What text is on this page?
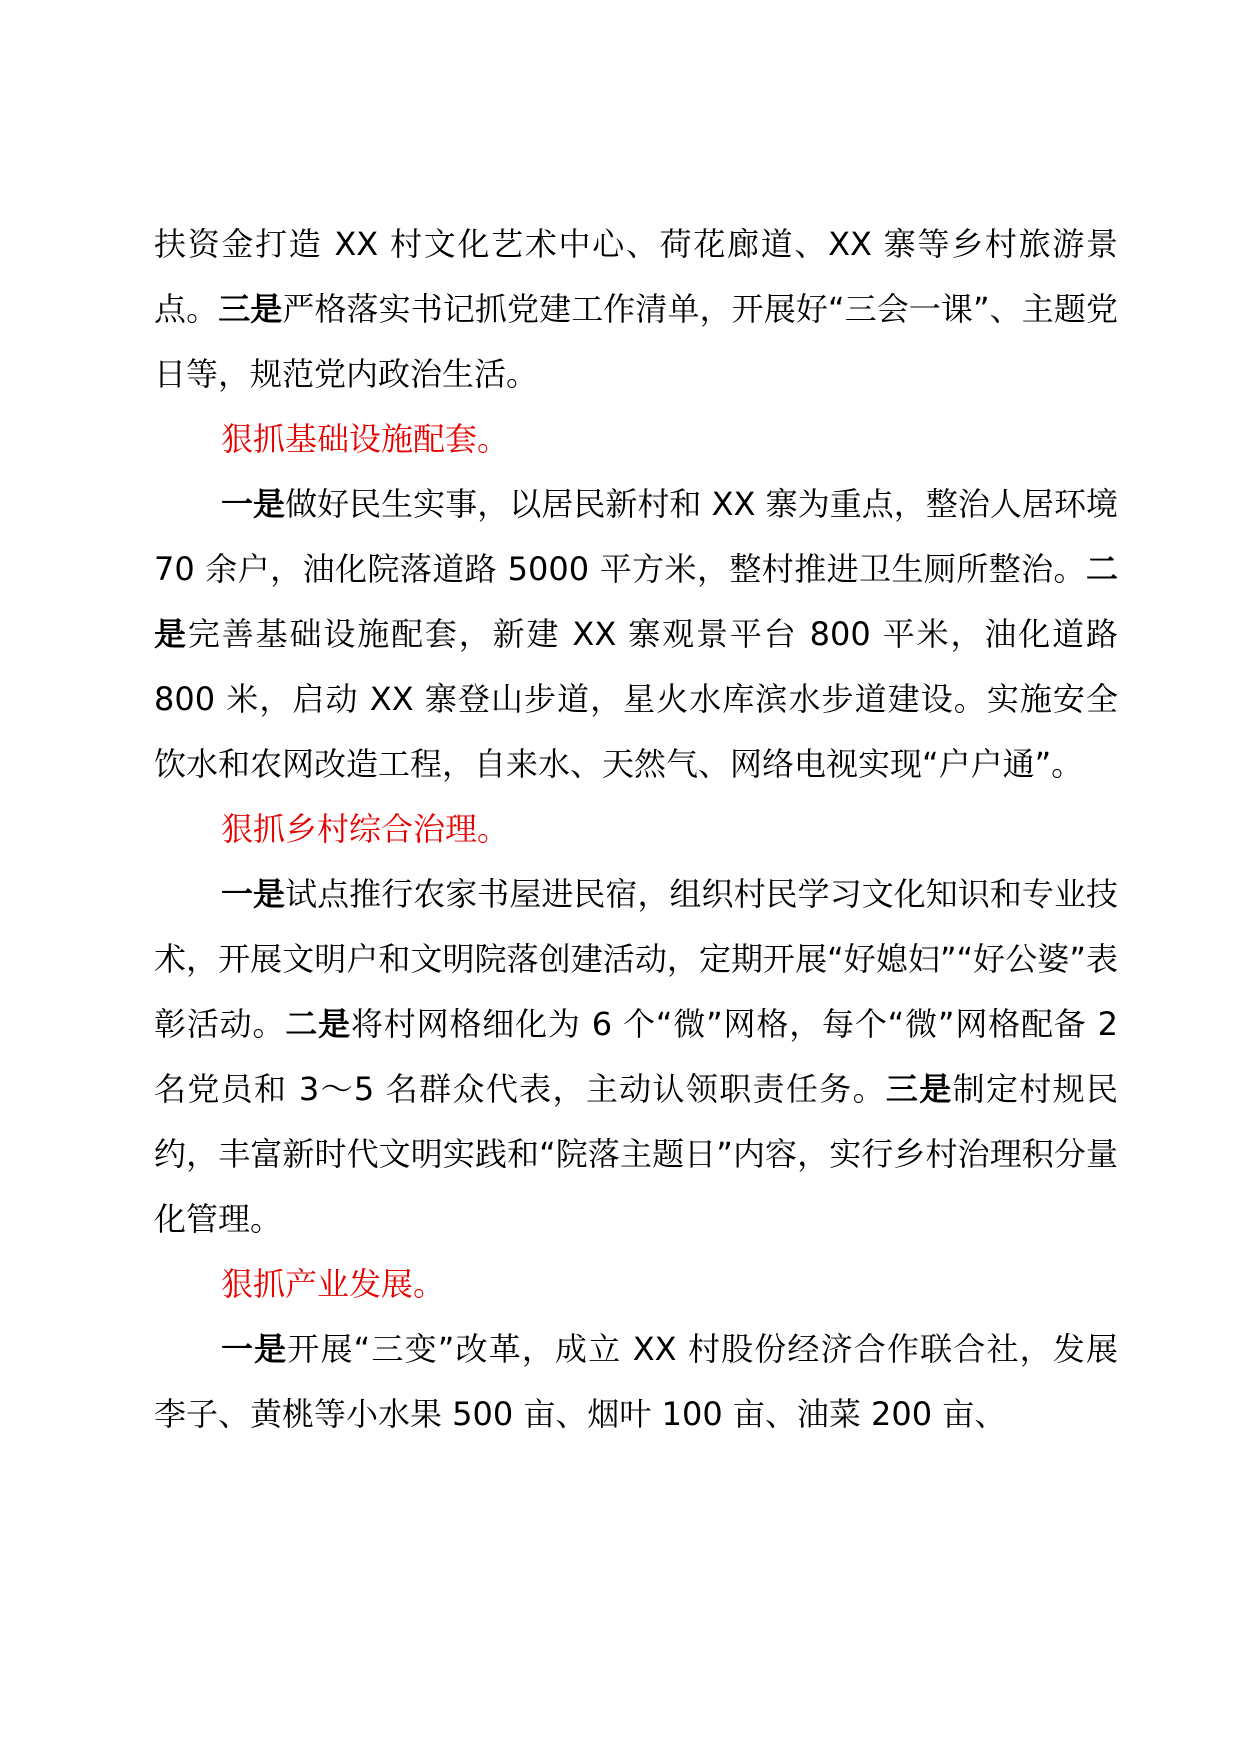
扶资金打造 XX 村文化艺术中心、荷花廊道、XX 寨等乡村旅游景点。三是严格落实书记抓党建工作清单，开展好“三会一课”、主题党日等，规范党内政治生活。

狠抓基础设施配套。

一是做好民生实事，以居民新村和 XX 寨为重点，整治人居环境 70 余户，油化院落道路 5000 平方米，整村推进卫生厕所整治。二是完善基础设施配套，新建 XX 寨观景平台 800 平米，油化道路 800 米，启动 XX 寨登山步道，星火水库滨水步道建设。实施安全饮水和农网改造工程，自来水、天然气、网络电视实现“户户通”。

狠抓乡村综合治理。

一是试点推行农家书屋进民宿，组织村民学习文化知识和专业技术，开展文明户和文明院落创建活动，定期开展“好媳妇”“好公婆”表彰活动。二是将村网格细化为 6 个“微”网格，每个“微”网格配备 2 名党员和 3～5 名群众代表，主动认领职责任务。三是制定村规民约，丰富新时代文明实践和“院落主题日”内容，实行乡村治理积分量化管理。

狠抓产业发展。

一是开展“三变”改革，成立 XX 村股份经济合作联合社，发展李子、黄桃等小水果 500 亩、烟叶 100 亩、油菜 200 亩、
